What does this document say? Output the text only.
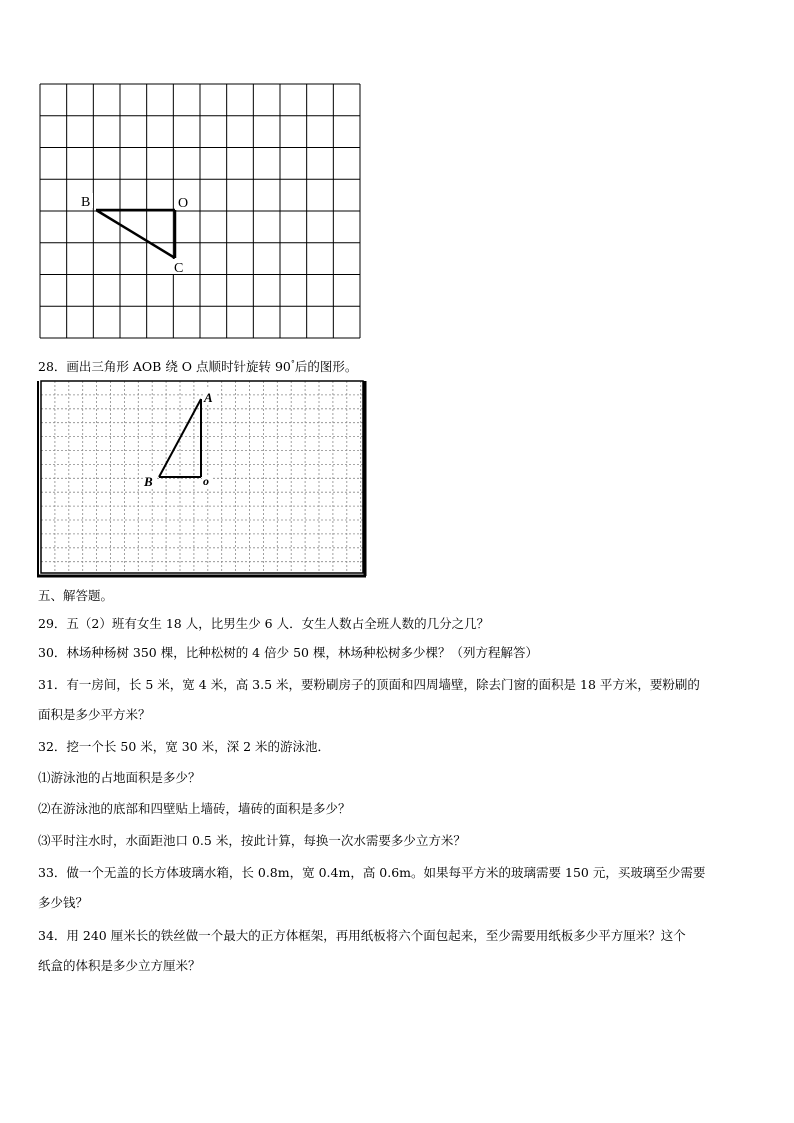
B	O
C
28．画出三角形 AOB 绕 O 点顺时针旋转 90°后的图形。
A
B	o
五、解答题。
29．五（2）班有女生 18 人，比男生少 6 人．女生人数占全班人数的几分之几？
30．林场种杨树 350 棵，比种松树的 4 倍少 50 棵，林场种松树多少棵？（列方程解答）
31．有一房间，长 5 米，宽 4 米，高 3.5 米，要粉刷房子的顶面和四周墙壁，除去门窗的面积是 18 平方米，要粉刷的
面积是多少平方米？
32．挖一个长 50 米，宽 30 米，深 2 米的游泳池．
⑴游泳池的占地面积是多少？
⑵在游泳池的底部和四壁贴上墙砖，墙砖的面积是多少？
⑶平时注水时，水面距池口 0.5 米，按此计算，每换一次水需要多少立方米？
33．做一个无盖的长方体玻璃水箱，长 0.8m，宽 0.4m，高 0.6m。如果每平方米的玻璃需要 150 元，买玻璃至少需要
多少钱？
34．用 240 厘米长的铁丝做一个最大的正方体框架，再用纸板将六个面包起来，至少需要用纸板多少平方厘米？这个
纸盒的体积是多少立方厘米？
